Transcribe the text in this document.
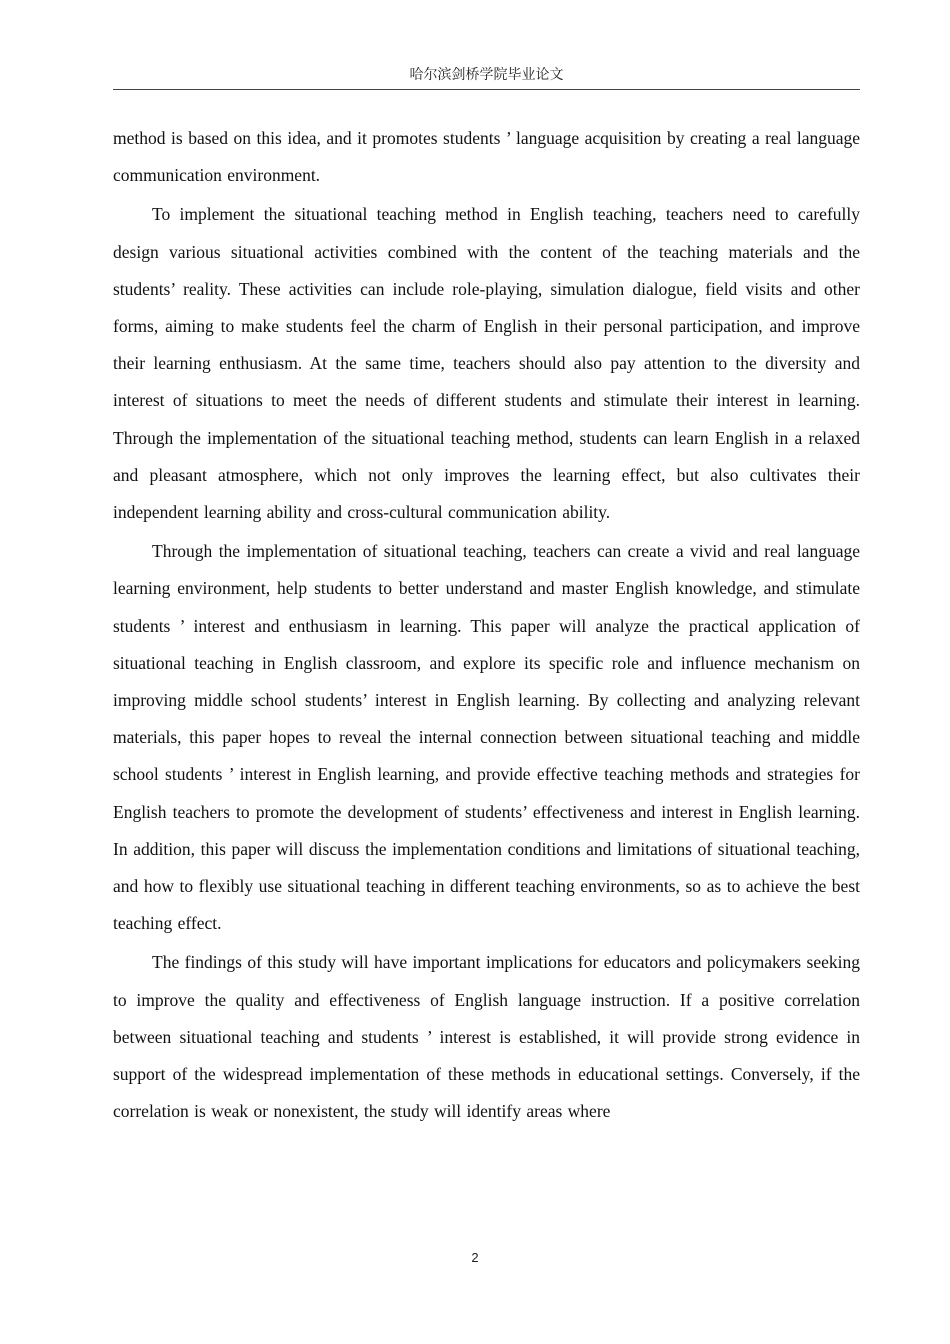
哈尔滨剑桥学院毕业论文

method is based on this idea, and it promotes students ’ language acquisition by creating a real language communication environment.

To implement the situational teaching method in English teaching, teachers need to carefully design various situational activities combined with the content of the teaching materials and the students’ reality. These activities can include role-playing, simulation dialogue, field visits and other forms, aiming to make students feel the charm of English in their personal participation, and improve their learning enthusiasm. At the same time, teachers should also pay attention to the diversity and interest of situations to meet the needs of different students and stimulate their interest in learning. Through the implementation of the situational teaching method, students can learn English in a relaxed and pleasant atmosphere, which not only improves the learning effect, but also cultivates their independent learning ability and cross-cultural communication ability.

Through the implementation of situational teaching, teachers can create a vivid and real language learning environment, help students to better understand and master English knowledge, and stimulate students ’ interest and enthusiasm in learning. This paper will analyze the practical application of situational teaching in English classroom, and explore its specific role and influence mechanism on improving middle school students’ interest in English learning. By collecting and analyzing relevant materials, this paper hopes to reveal the internal connection between situational teaching and middle school students ’ interest in English learning, and provide effective teaching methods and strategies for English teachers to promote the development of students’ effectiveness and interest in English learning. In addition, this paper will discuss the implementation conditions and limitations of situational teaching, and how to flexibly use situational teaching in different teaching environments, so as to achieve the best teaching effect.

The findings of this study will have important implications for educators and policymakers seeking to improve the quality and effectiveness of English language instruction. If a positive correlation between situational teaching and students ’ interest is established, it will provide strong evidence in support of the widespread implementation of these methods in educational settings. Conversely, if the correlation is weak or nonexistent, the study will identify areas where

2
